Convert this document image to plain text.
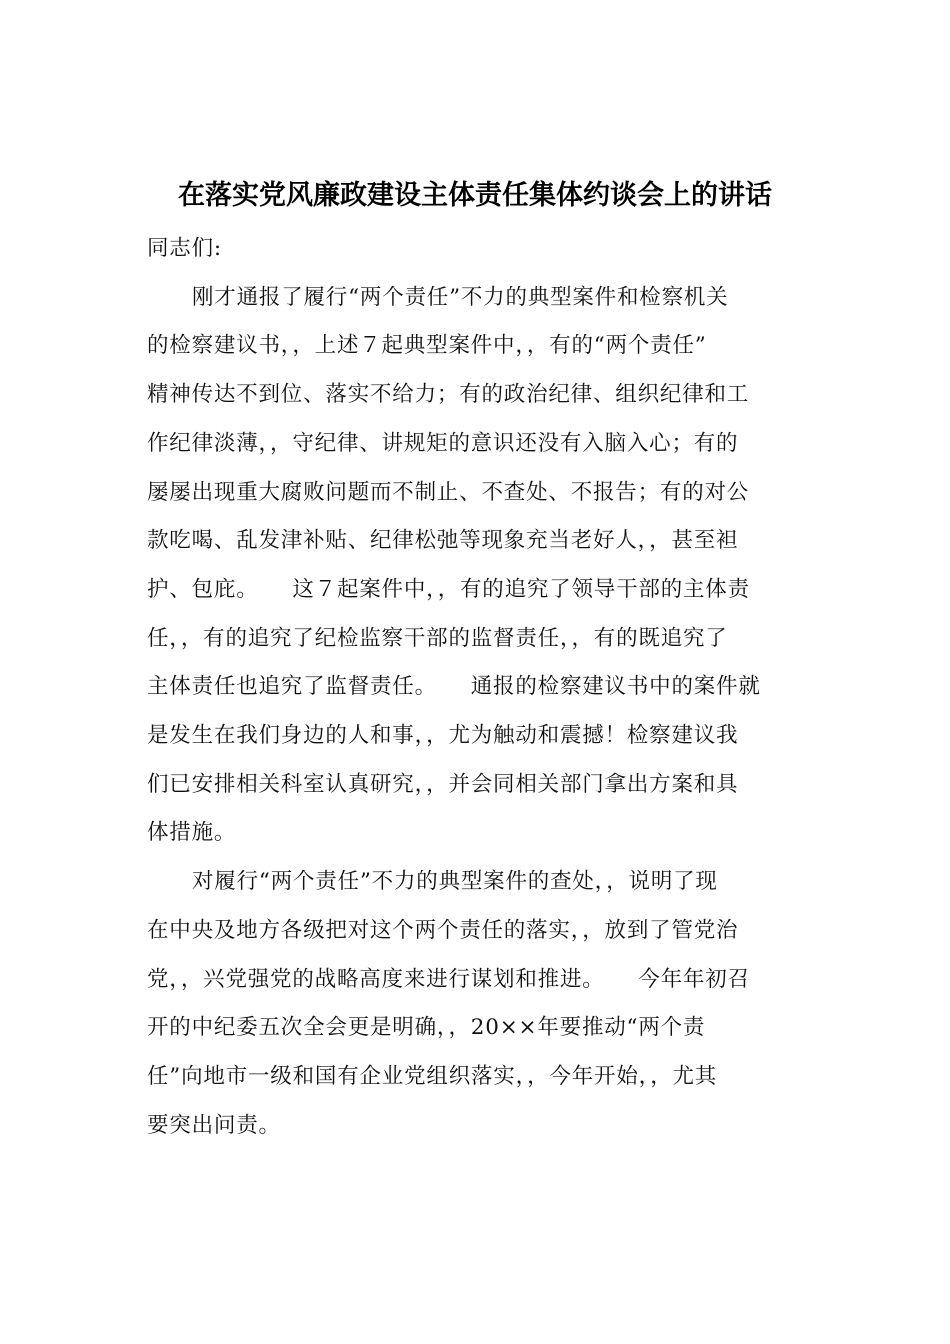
在落实党风廉政建设主体责任集体约谈会上的讲话

同志们:

刚才通报了履行“两个责任”不力的典型案件和检察机关
的检察建议书，，上述７起典型案件中，，有的“两个责任”
精神传达不到位、落实不给力；有的政治纪律、组织纪律和工
作纪律淡薄，，守纪律、讲规矩的意识还没有入脑入心；有的
屡屡出现重大腐败问题而不制止、不查处、不报告；有的对公
款吃喝、乱发津补贴、纪律松弛等现象充当老好人，，甚至袒
护、包庇。　　这７起案件中，，有的追究了领导干部的主体责
任，，有的追究了纪检监察干部的监督责任，，有的既追究了
主体责任也追究了监督责任。　　通报的检察建议书中的案件就
是发生在我们身边的人和事，，尤为触动和震撼！检察建议我
们已安排相关科室认真研究，，并会同相关部门拿出方案和具
体措施。

对履行“两个责任”不力的典型案件的查处，，说明了现
在中央及地方各级把对这个两个责任的落实，，放到了管党治
党，，兴党强党的战略高度来进行谋划和推进。　　今年年初召
开的中纪委五次全会更是明确，，20××年要推动“两个责
任”向地市一级和国有企业党组织落实，，今年开始，，尤其
要突出问责。
